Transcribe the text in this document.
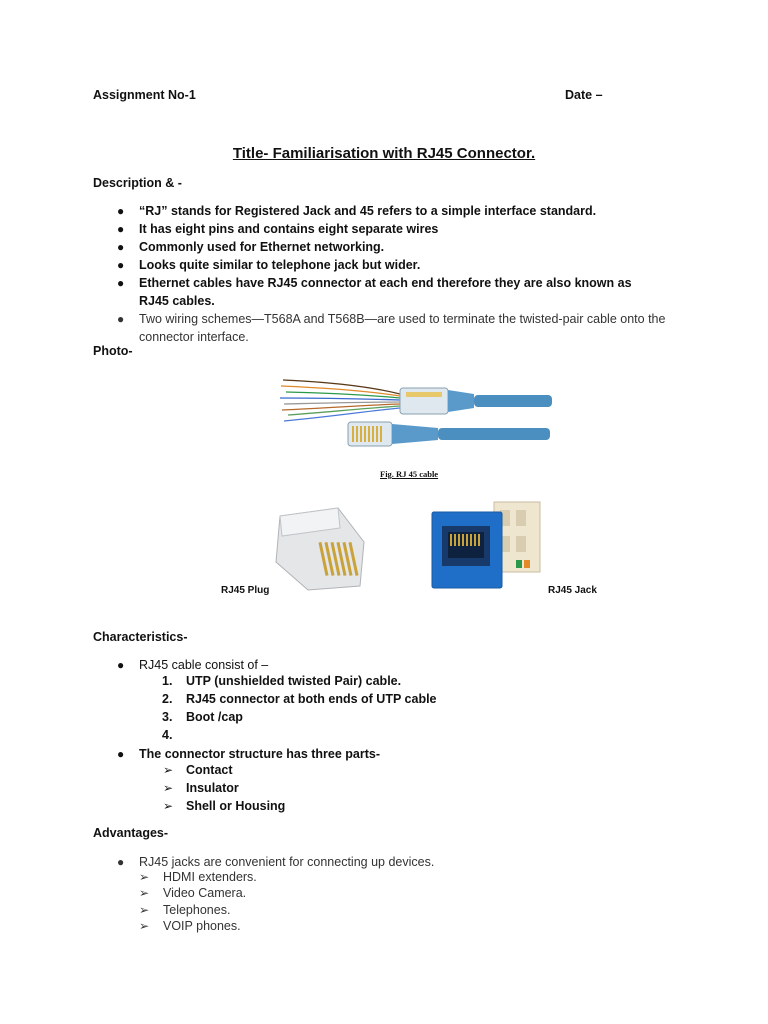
Assignment No-1	Date –
Title- Familiarisation with RJ45 Connector.
Description & -
● “RJ” stands for Registered Jack and 45 refers to a simple interface standard.
● It has eight pins and contains eight separate wires
● Commonly used for Ethernet networking.
● Looks quite similar to telephone jack but wider.
● Ethernet cables have RJ45 connector at each end therefore they are also known as RJ45 cables.
● Two wiring schemes—T568A and T568B—are used to terminate the twisted-pair cable onto the connector interface.
Photo-
Fig. RJ 45 cable
RJ45 Plug	RJ45 Jack
Characteristics-
● RJ45 cable consist of –
1. UTP (unshielded twisted Pair) cable.
2. RJ45 connector at both ends of UTP cable
3. Boot /cap
4.
● The connector structure has three parts-
➢ Contact
➢ Insulator
➢ Shell or Housing
Advantages-
● RJ45 jacks are convenient for connecting up devices.
➢ HDMI extenders.
➢ Video Camera.
➢ Telephones.
➢ VOIP phones.
